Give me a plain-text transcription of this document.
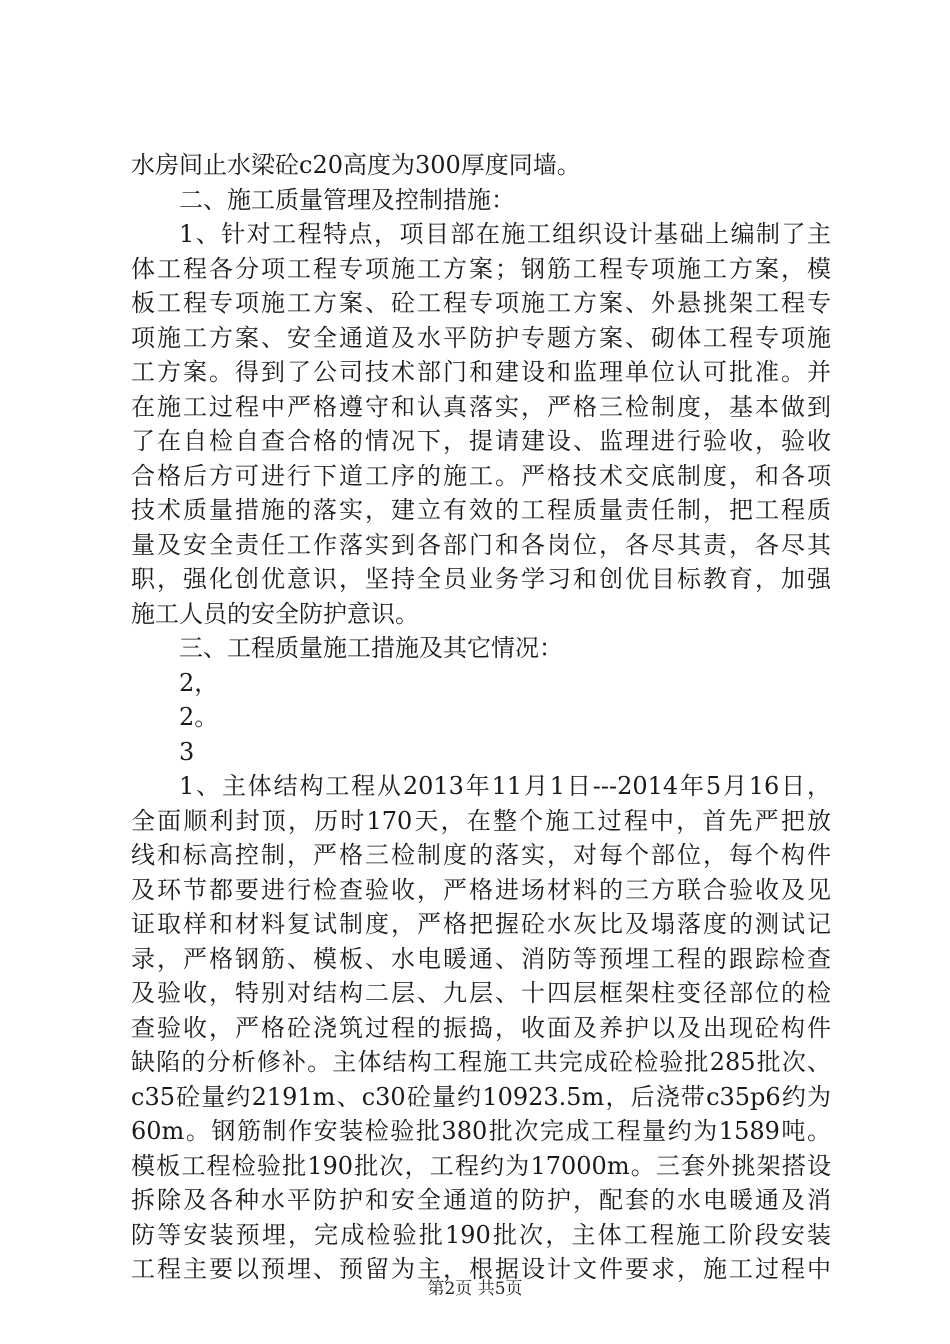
水房间止水梁砼c20高度为300厚度同墙。
二、施工质量管理及控制措施：
1、针对工程特点，项目部在施工组织设计基础上编制了主
体工程各分项工程专项施工方案；钢筋工程专项施工方案，模
板工程专项施工方案、砼工程专项施工方案、外悬挑架工程专
项施工方案、安全通道及水平防护专题方案、砌体工程专项施
工方案。得到了公司技术部门和建设和监理单位认可批准。并
在施工过程中严格遵守和认真落实，严格三检制度，基本做到
了在自检自查合格的情况下，提请建设、监理进行验收，验收
合格后方可进行下道工序的施工。严格技术交底制度，和各项
技术质量措施的落实，建立有效的工程质量责任制，把工程质
量及安全责任工作落实到各部门和各岗位，各尽其责，各尽其
职，强化创优意识，坚持全员业务学习和创优目标教育，加强
施工人员的安全防护意识。
三、工程质量施工措施及其它情况：
2，
2。
3
1、主体结构工程从2013年11月1日---2014年5月16日，
全面顺利封顶，历时170天，在整个施工过程中，首先严把放
线和标高控制，严格三检制度的落实，对每个部位，每个构件
及环节都要进行检查验收，严格进场材料的三方联合验收及见
证取样和材料复试制度，严格把握砼水灰比及塌落度的测试记
录，严格钢筋、模板、水电暖通、消防等预埋工程的跟踪检查
及验收，特别对结构二层、九层、十四层框架柱变径部位的检
查验收，严格砼浇筑过程的振捣，收面及养护以及出现砼构件
缺陷的分析修补。主体结构工程施工共完成砼检验批285批次、
c35砼量约2191m、c30砼量约10923.5m，后浇带c35p6约为
60m。钢筋制作安装检验批380批次完成工程量约为1589吨。
模板工程检验批190批次，工程约为17000m。三套外挑架搭设
拆除及各种水平防护和安全通道的防护，配套的水电暖通及消
防等安装预埋，完成检验批190批次，主体工程施工阶段安装
工程主要以预埋、预留为主，根据设计文件要求，施工过程中
第2页 共5页
